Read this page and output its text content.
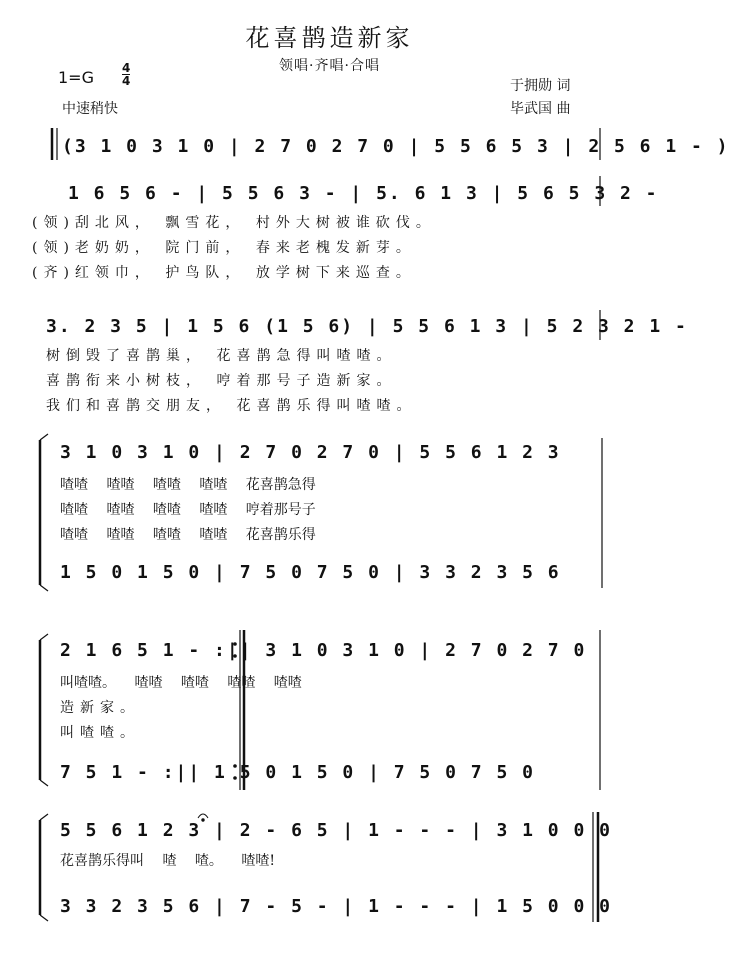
花喜鹊造新家
领唱·齐唱·合唱
1=G 4
4
中速稍快
于拥勋 词
毕武国 曲
(3 1 0 3 1 0 | 2 7 0 2 7 0 | 5 5 6 5 3 | 2 5 6 1 - )
1 6 5 6 - | 5 5 6 3 - | 5. 6 1 3 | 5 6 5 3 2 -
(领)刮北风， 飘雪花， 村外大树被谁砍伐。
(领)老奶奶， 院门前， 春来老槐发新芽。
(齐)红领巾， 护鸟队， 放学树下来巡查。
3. 2 3 5 | 1 5 6 (1 5 6) | 5 5 6 1 3 | 5 2 3 2 1 -
树倒毁了喜鹊巢， 花喜鹊急得叫喳喳。
喜鹊衔来小树枝， 哼着那号子造新家。
我们和喜鹊交朋友， 花喜鹊乐得叫喳喳。
3 1 0 3 1 0 | 2 7 0 2 7 0 | 5 5 6 1 2 3
喳喳 喳喳 喳喳 喳喳 花喜鹊急得
喳喳 喳喳 喳喳 喳喳 哼着那号子
喳喳 喳喳 喳喳 喳喳 花喜鹊乐得
1 5 0 1 5 0 | 7 5 0 7 5 0 | 3 3 2 3 5 6
2 1 6 5 1 - :|| 3 1 0 3 1 0 | 2 7 0 2 7 0
叫喳喳。 喳喳 喳喳 喳喳 喳喳
造新家。
叫喳喳。
7 5 1 - :|| 1 5 0 1 5 0 | 7 5 0 7 5 0
5 5 6 1 2 3 | 2 - 6 5 | 1 - - - | 3 1 0 0 0
花喜鹊乐得叫 喳 喳。 喳喳!
3 3 2 3 5 6 | 7 - 5 - | 1 - - - | 1 5 0 0 0
